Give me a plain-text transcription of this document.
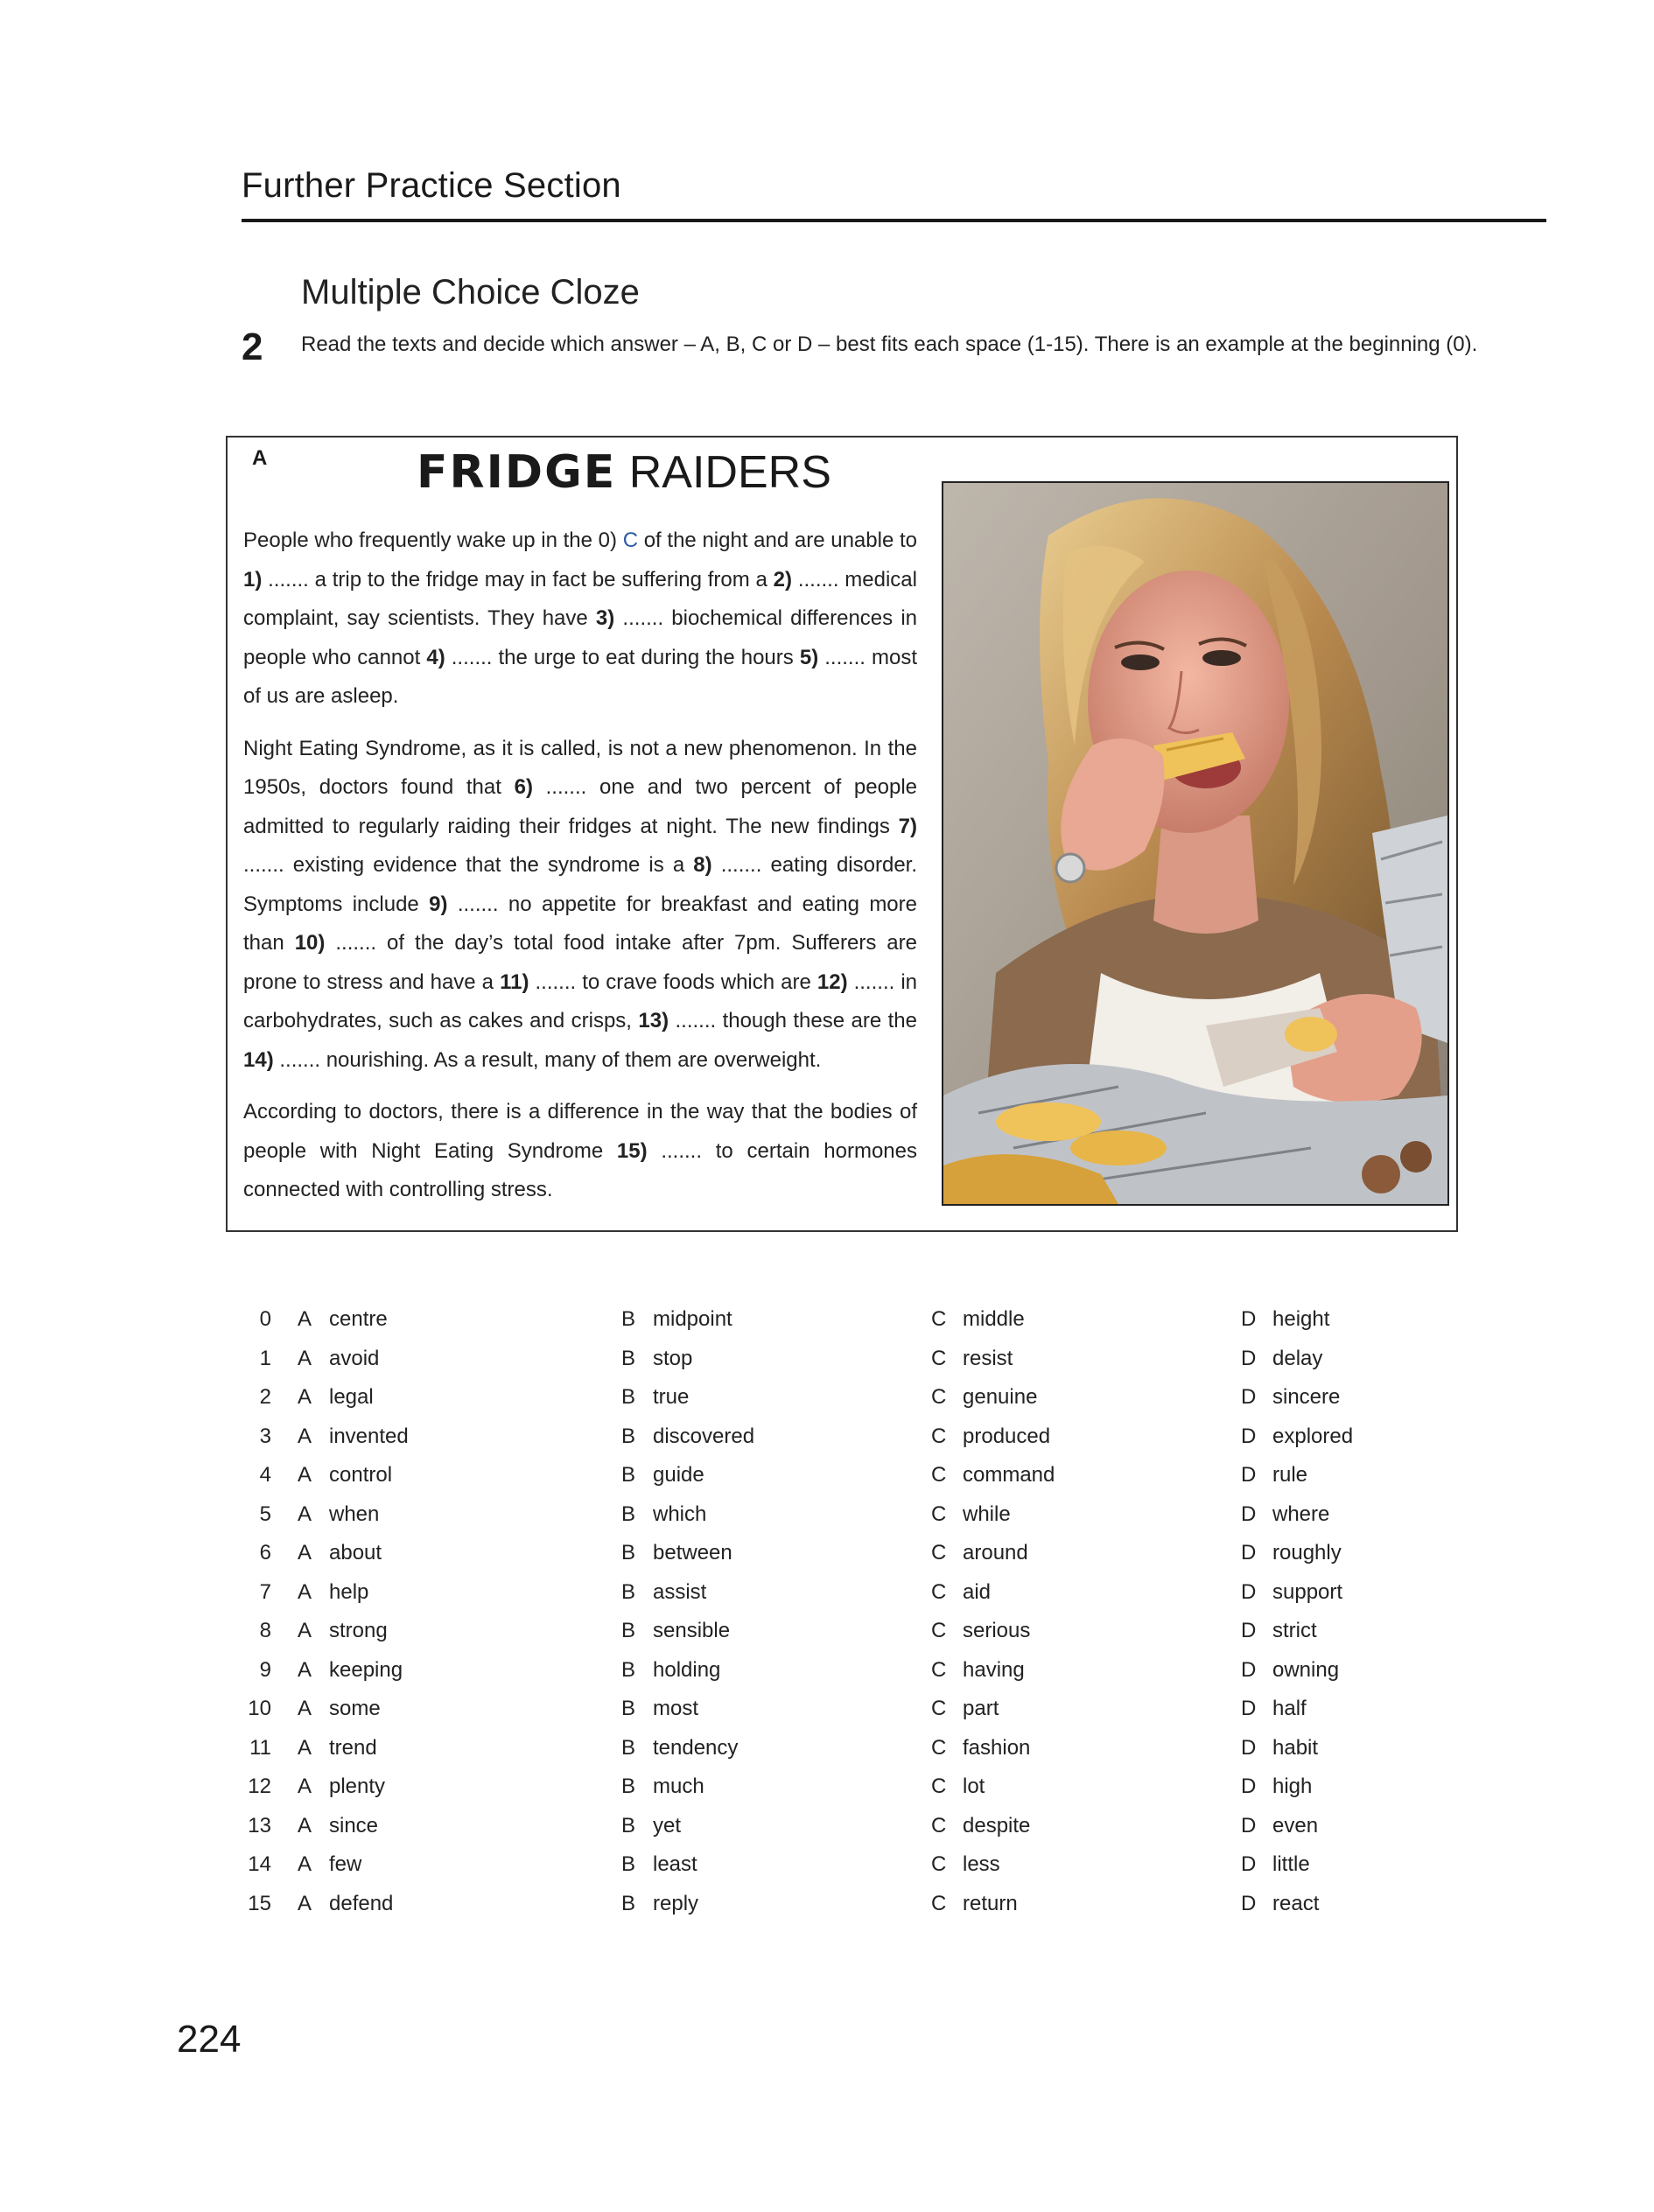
Further Practice Section
Multiple Choice Cloze
2 Read the texts and decide which answer – A, B, C or D – best fits each space (1-15). There is an example at the beginning (0).
A	FRIDGE RAIDERS

People who frequently wake up in the 0) C of the night and are unable to 1) ....... a trip to the fridge may in fact be suffering from a 2) ....... medical complaint, say scientists. They have 3) ....... biochemical differences in people who cannot 4) ....... the urge to eat during the hours 5) ....... most of us are asleep.

Night Eating Syndrome, as it is called, is not a new phenomenon. In the 1950s, doctors found that 6) ....... one and two percent of people admitted to regularly raiding their fridges at night. The new findings 7) ....... existing evidence that the syndrome is a 8) ....... eating disorder. Symptoms include 9) ....... no appetite for breakfast and eating more than 10) ....... of the day’s total food intake after 7pm. Sufferers are prone to stress and have a 11) ....... to crave foods which are 12) ....... in carbohydrates, such as cakes and crisps, 13) ....... though these are the 14) ....... nourishing. As a result, many of them are overweight.

According to doctors, there is a difference in the way that the bodies of people with Night Eating Syndrome 15) ....... to certain hormones connected with controlling stress.

0 A centre	B midpoint	C middle	D height
1 A avoid	B stop	C resist	D delay
2 A legal	B true	C genuine	D sincere
3 A invented	B discovered	C produced	D explored
4 A control	B guide	C command	D rule
5 A when	B which	C while	D where
6 A about	B between	C around	D roughly
7 A help	B assist	C aid	D support
8 A strong	B sensible	C serious	D strict
9 A keeping	B holding	C having	D owning
10 A some	B most	C part	D half
11 A trend	B tendency	C fashion	D habit
12 A plenty	B much	C lot	D high
13 A since	B yet	C despite	D even
14 A few	B least	C less	D little
15 A defend	B reply	C return	D react
224
